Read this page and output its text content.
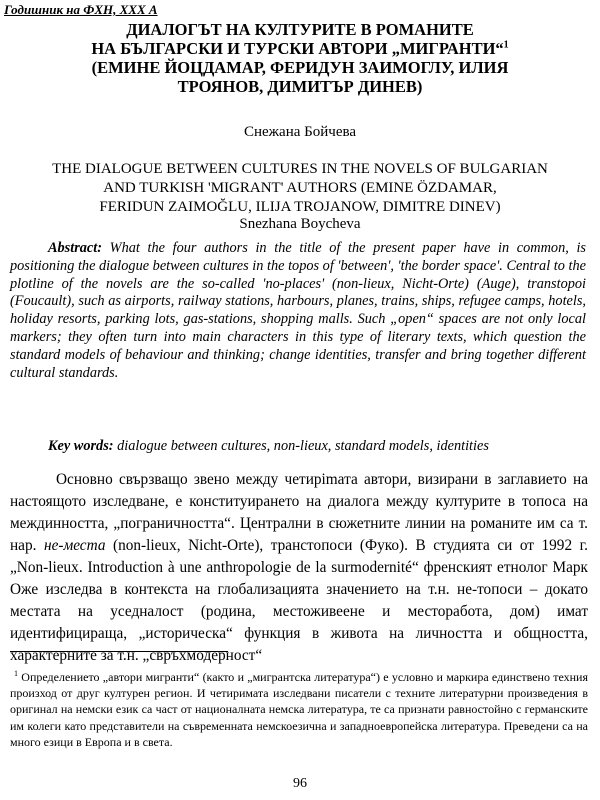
Годишник на ФХН, XXX А
ДИАЛОГЪТ НА КУЛТУРИТЕ В РОМАНИТЕ
НА БЪЛГАРСКИ И ТУРСКИ АВТОРИ „МИГРАНТИ“$^1$
(ЕМИНЕ ЙОЦДАМАР, ФЕРИДУН ЗАИМОГЛУ, ИЛИЯ
ТРОЯНОВ, ДИМИТЪР ДИНЕВ)
Снежана Бойчева
THE DIALOGUE BETWEEN CULTURES IN THE NOVELS OF BULGARIAN
AND TURKISH 'MIGRANT' AUTHORS (EMINE ÖZDAMAR,
FERIDUN ZAIMOĞLU, ILIJA TROJANOW, DIMITRE DINEV)
Snezhana Boycheva

Abstract: What the four authors in the title of the present paper have in common, is positioning the dialogue between cultures in the topos of 'between', 'the border space'. Central to the plotline of the novels are the so-called 'no-places' (non-lieux, Nicht-Orte) (Auge), transtopoi (Foucault), such as airports, railway stations, harbours, planes, trains, ships, refugee camps, hotels, holiday resorts, parking lots, gas-stations, shopping malls. Such „open“ spaces are not only local markers; they often turn into main characters in this type of literary texts, which question the standard models of behaviour and thinking; change identities, transfer and bring together different cultural standards.

Key words: dialogue between cultures, non-lieux, standard models, identities

Основно свързващо звено между четирimата автори, визирани в заглавието на настоящото изследване, е конституирането на диалога между културите в топоса на междинността, „пограничността“. Централни в сюжетните линии на романите им са т. нар. не-места (non-lieux, Nicht-Orte), транстопоси (Фуко). В студията си от 1992 г. „Non-lieux. Introduction à une anthropologie de la surmodernité“ френският етнолог Марк Оже изследва в контекста на глобализацията значението на т.н. не-топоси – докато местата на уседналост (родина, местоживеене и месторабота, дом) имат идентифицираща, „историческа“ функция в живота на личността и общността, характерните за т.н. „свръхмодерност“

$^1$ Определението „автори мигранти“ (както и „мигрантска литература“) е условно и маркира единствено техния произход от друг културен регион. И четиримата изследвани писатели с техните литературни произведения в оригинал на немски език са част от националната немска литература, те са признати равностойно с германските им колеги като представители на съвременната немскоезична и западноевропейска литература. Преведени са на много езици в Европа и в света.

96
